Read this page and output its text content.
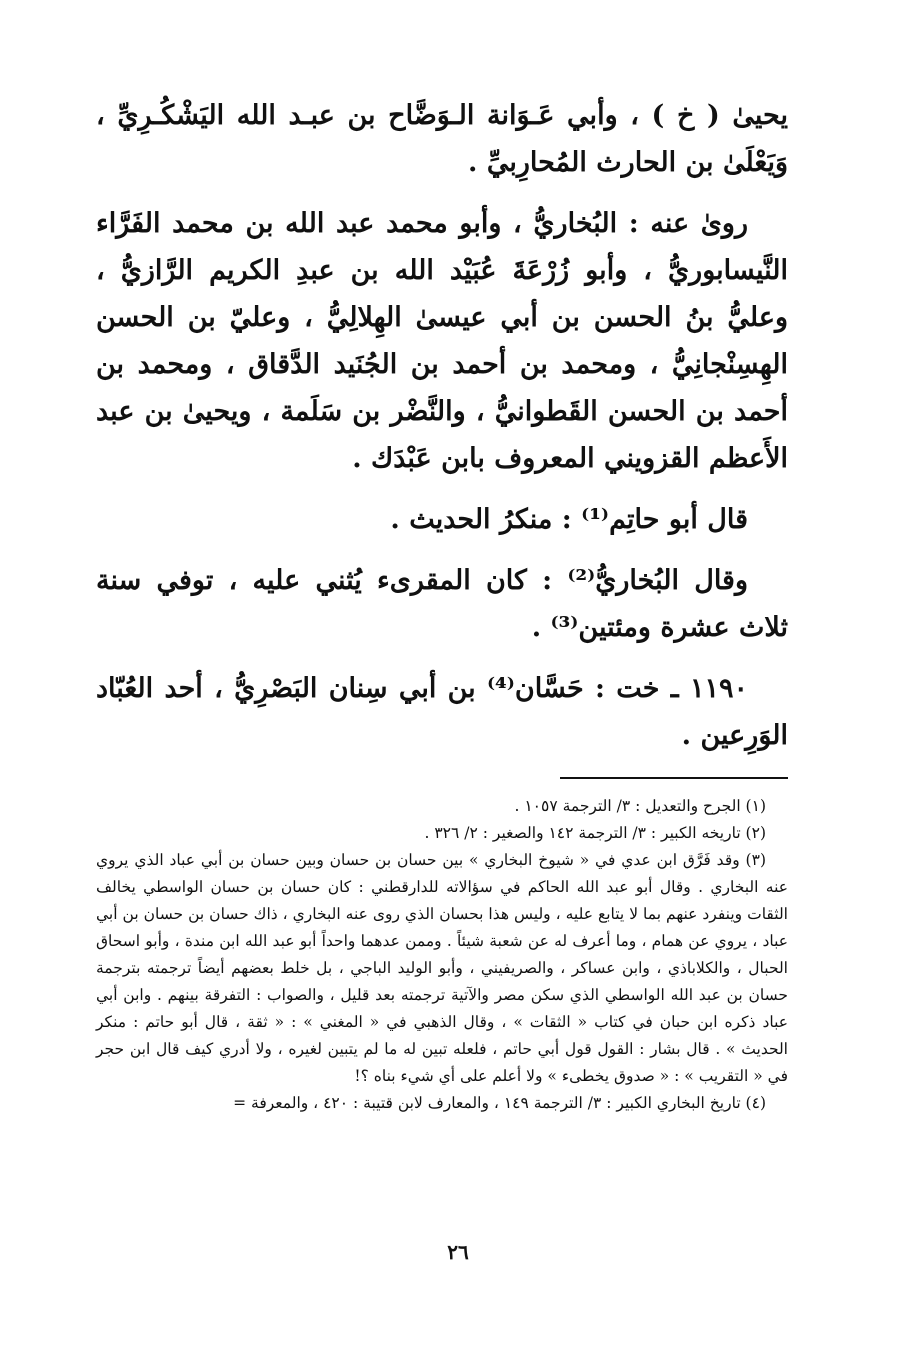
يحيىٰ ( خ ) ، وأبي عَـوَانة الـوَضَّاح بن عبـد الله اليَشْكُـرِيِّ ، وَيَعْلَىٰ بن الحارث المُحارِبيِّ .

رویٰ عنه : البُخاريُّ ، وأبو محمد عبد الله بن محمد الفَرَّاء النَّيسابوريُّ ، وأبو زُرْعَةَ عُبَيْد الله بن عبدِ الكريم الرَّازيُّ ، وعليُّ بنُ الحسن بن أبي عيسىٰ الهِلالِيُّ ، وعليّ بن الحسن الهِسِنْجانِيُّ ، ومحمد بن أحمد بن الجُنَيد الدَّقاق ، ومحمد بن أحمد بن الحسن القَطوانيُّ ، والنَّضْر بن سَلَمة ، ويحيىٰ بن عبد الأَعظم القزويني المعروف بابن عَبْدَك .

قال أبو حاتِم⁽¹⁾ : منكرُ الحديث .

وقال البُخاريُّ⁽²⁾ : كان المقرىء يُثني عليه ، توفي سنة ثلاث عشرة ومئتين⁽³⁾ .

١١٩٠ ـ خت : حَسَّان⁽⁴⁾ بن أبي سِنان البَصْرِيُّ ، أحد العُبّاد الوَرِعين .

(١) الجرح والتعديل : ٣/ الترجمة ١٠٥٧ .

(٢) تاريخه الكبير : ٣/ الترجمة ١٤٢ والصغير : ٢/ ٣٢٦ .

(٣) وقد فَرَّق ابن عدي في « شيوخ البخاري » بين حسان بن حسان وبين حسان بن أبي عباد الذي يروي عنه البخاري . وقال أبو عبد الله الحاكم في سؤالاته للدارقطني : كان حسان بن حسان الواسطي يخالف الثقات وينفرد عنهم بما لا يتابع عليه ، وليس هذا بحسان الذي روى عنه البخاري ، ذاك حسان بن حسان بن أبي عباد ، يروي عن همام ، وما أعرف له عن شعبة شيئاً . وممن عدهما واحداً أبو عبد الله ابن مندة ، وأبو اسحاق الحبال ، والكلاباذي ، وابن عساكر ، والصريفيني ، وأبو الوليد الباجي ، بل خلط بعضهم أيضاً ترجمته بترجمة حسان بن عبد الله الواسطي الذي سكن مصر والآتية ترجمته بعد قليل ، والصواب : التفرقة بينهم . وابن أبي عباد ذكره ابن حبان في كتاب « الثقات » ، وقال الذهبي في « المغني » : « ثقة ، قال أبو حاتم : منكر الحديث » . قال بشار : القول قول أبي حاتم ، فلعله تبين له ما لم يتبين لغيره ، ولا أدري كيف قال ابن حجر في « التقريب » : « صدوق يخطىء » ولا أعلم على أي شيء بناه ؟!

(٤) تاريخ البخاري الكبير : ٣/ الترجمة ١٤٩ ، والمعارف لابن قتيبة : ٤٢٠ ، والمعرفة =

٢٦
